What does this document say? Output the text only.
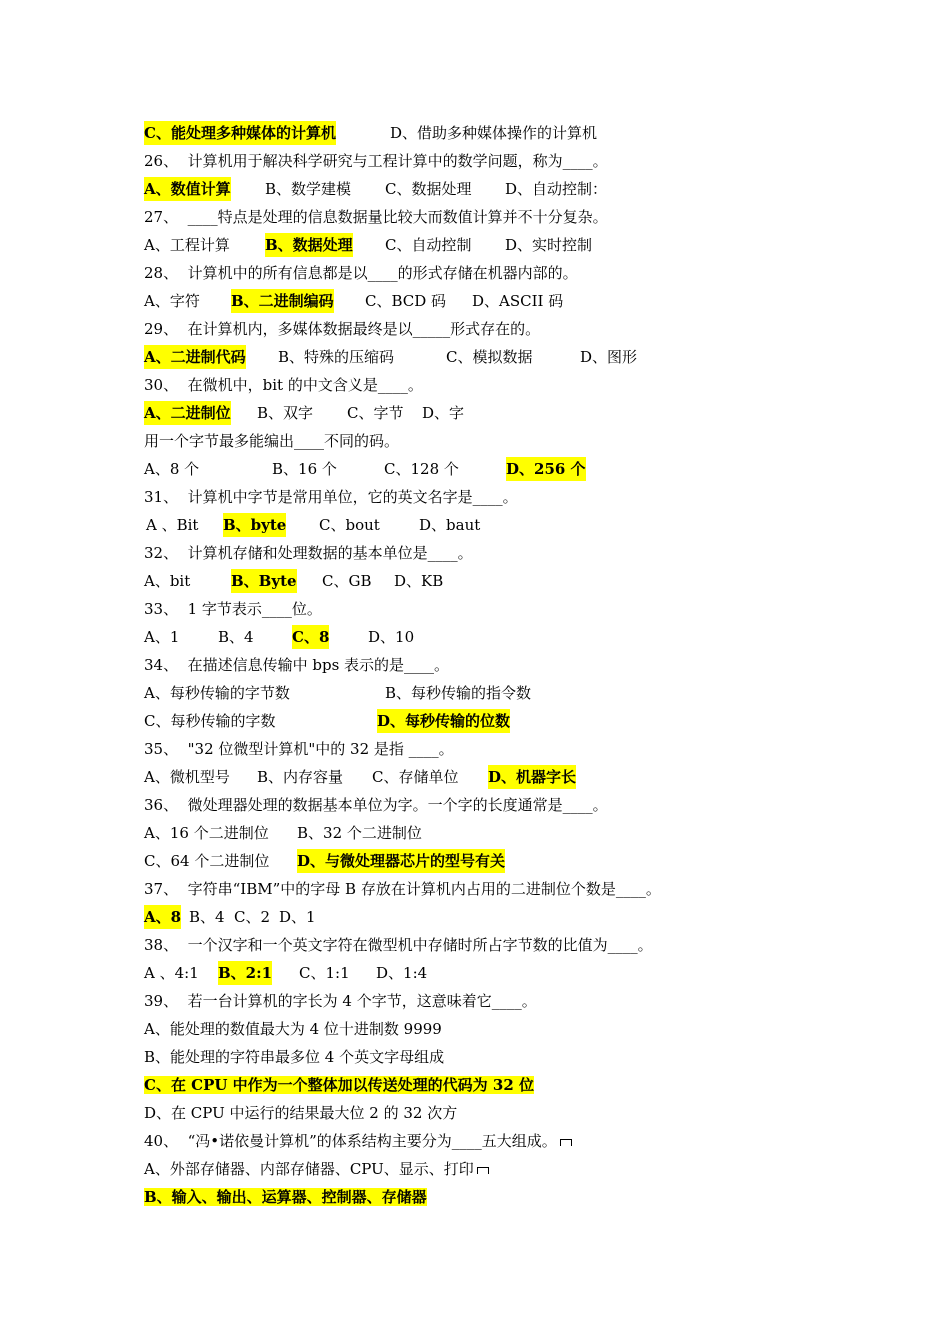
C、能处理多种媒体的计算机

	D、借助多种媒体操作的计算机

26、  计算机用于解决科学研究与工程计算中的数学问题，称为____。

A、数值计算

B、数学建模

C、数据处理

D、自动控制：

27、  ____特点是处理的信息数据量比较大而数值计算并不十分复杂。

A、工程计算

B、数据处理

C、自动控制

D、实时控制

28、  计算机中的所有信息都是以____的形式存储在机器内部的。

A、字符

B、二进制编码

C、BCD 码

D、ASCII 码

29、  在计算机内，多媒体数据最终是以_____形式存在的。

A、二进制代码

B、特殊的压缩码

	C、模拟数据

	D、图形

30、  在微机中，bit 的中文含义是____。

A、二进制位

B、双字

C、字节

D、字

用一个字节最多能编出____不同的码。

A、8 个

	B、16 个

	C、128 个

	D、256 个

31、  计算机中字节是常用单位，它的英文名字是____。

A 、Bit

B、byte

C、bout

	D、baut

32、  计算机存储和处理数据的基本单位是____。

A、bit

	B、Byte

C、GB

D、KB

33、  1 字节表示____位。

A、1

	B、4

	C、8

	D、10

34、  在描述信息传输中 bps 表示的是____。

A、每秒传输的字节数

	B、每秒传输的指令数

C、每秒传输的字数

	D、每秒传输的位数

35、  "32 位微型计算机"中的 32 是指 ____。

A、微机型号

B、内存容量

C、存储单位

D、机器字长

36、  微处理器处理的数据基本单位为字。一个字的长度通常是____。

A、16 个二进制位

B、32 个二进制位

C、64 个二进制位

D、与微处理器芯片的型号有关

37、  字符串“IBM”中的字母 B 存放在计算机内占用的二进制位个数是____。

A、8

B、4

C、2

D、1

38、  一个汉字和一个英文字符在微型机中存储时所占字节数的比值为____。

A 、4:1

B、2:1

C、1:1

D、1:4

39、  若一台计算机的字长为 4 个字节，这意味着它____。
A、能处理的数值最大为 4 位十进制数 9999
B、能处理的字符串最多位 4 个英文字母组成
C、在 CPU 中作为一个整体加以传送处理的代码为 32 位
D、在 CPU 中运行的结果最大位 2 的 32 次方
40、  “冯•诺依曼计算机”的体系结构主要分为____五大组成。
A、外部存储器、内部存储器、CPU、显示、打印
B、输入、输出、运算器、控制器、存储器
